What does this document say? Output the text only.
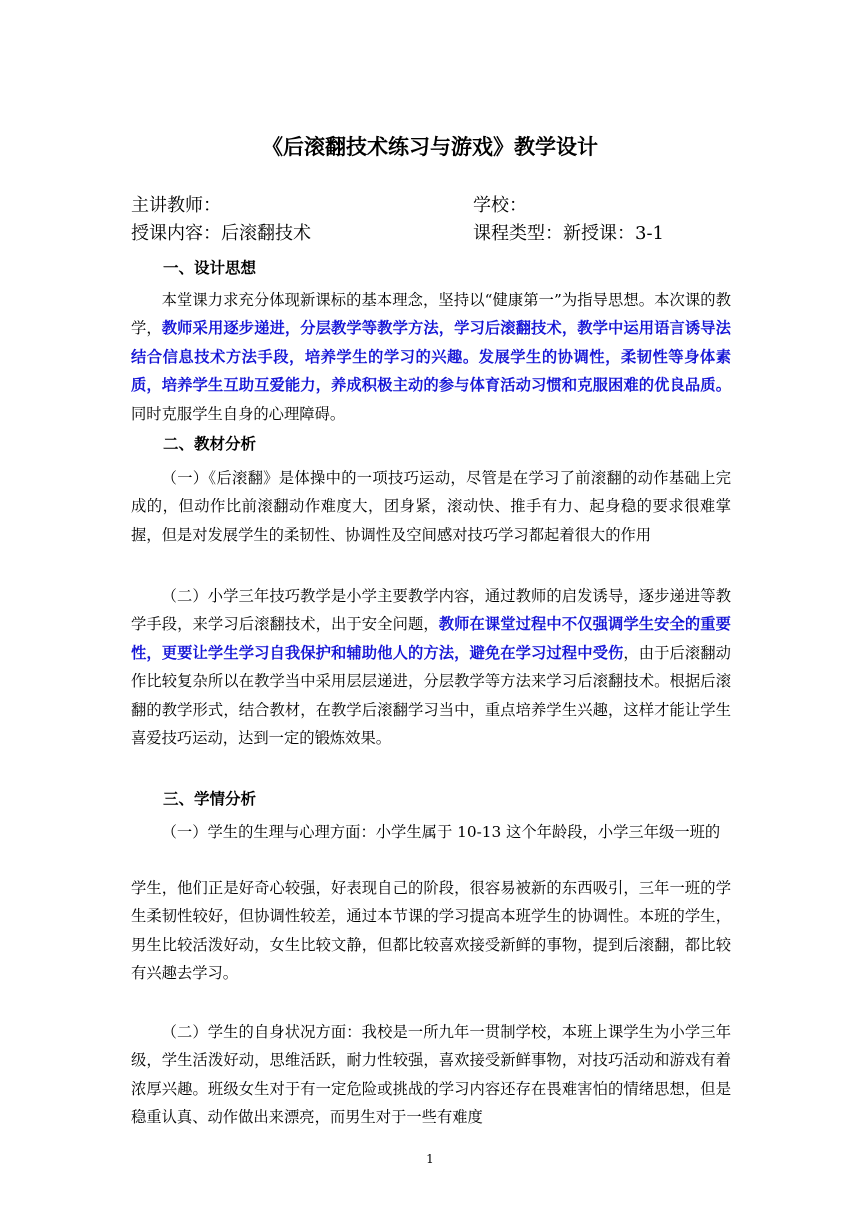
《后滚翻技术练习与游戏》教学设计
主讲教师：	学校：
授课内容：后滚翻技术	课程类型：新授课：3-1
一、设计思想

本堂课力求充分体现新课标的基本理念，坚持以“健康第一”为指导思想。本次课的教学，教师采用逐步递进，分层教学等教学方法，学习后滚翻技术，教学中运用语言诱导法结合信息技术方法手段，培养学生的学习的兴趣。发展学生的协调性，柔韧性等身体素质，培养学生互助互爱能力，养成积极主动的参与体育活动习惯和克服困难的优良品质。同时克服学生自身的心理障碍。

二、教材分析

（一）《后滚翻》是体操中的一项技巧运动，尽管是在学习了前滚翻的动作基础上完成的，但动作比前滚翻动作难度大，团身紧，滚动快、推手有力、起身稳的要求很难掌握，但是对发展学生的柔韧性、协调性及空间感对技巧学习都起着很大的作用

（二）小学三年技巧教学是小学主要教学内容，通过教师的启发诱导，逐步递进等教学手段，来学习后滚翻技术，出于安全问题，教师在课堂过程中不仅强调学生安全的重要性，更要让学生学习自我保护和辅助他人的方法，避免在学习过程中受伤，由于后滚翻动作比较复杂所以在教学当中采用层层递进，分层教学等方法来学习后滚翻技术。根据后滚翻的教学形式，结合教材，在教学后滚翻学习当中，重点培养学生兴趣，这样才能让学生喜爱技巧运动，达到一定的锻炼效果。

三、学情分析

（一）学生的生理与心理方面：小学生属于 10-13 这个年龄段，小学三年级一班的

学生，他们正是好奇心较强，好表现自己的阶段，很容易被新的东西吸引，三年一班的学生柔韧性较好，但协调性较差，通过本节课的学习提高本班学生的协调性。本班的学生，男生比较活泼好动，女生比较文静，但都比较喜欢接受新鲜的事物，提到后滚翻，都比较有兴趣去学习。

（二）学生的自身状况方面：我校是一所九年一贯制学校，本班上课学生为小学三年级，学生活泼好动，思维活跃，耐力性较强，喜欢接受新鲜事物，对技巧活动和游戏有着浓厚兴趣。班级女生对于有一定危险或挑战的学习内容还存在畏难害怕的情绪思想，但是稳重认真、动作做出来漂亮，而男生对于一些有难度

1
